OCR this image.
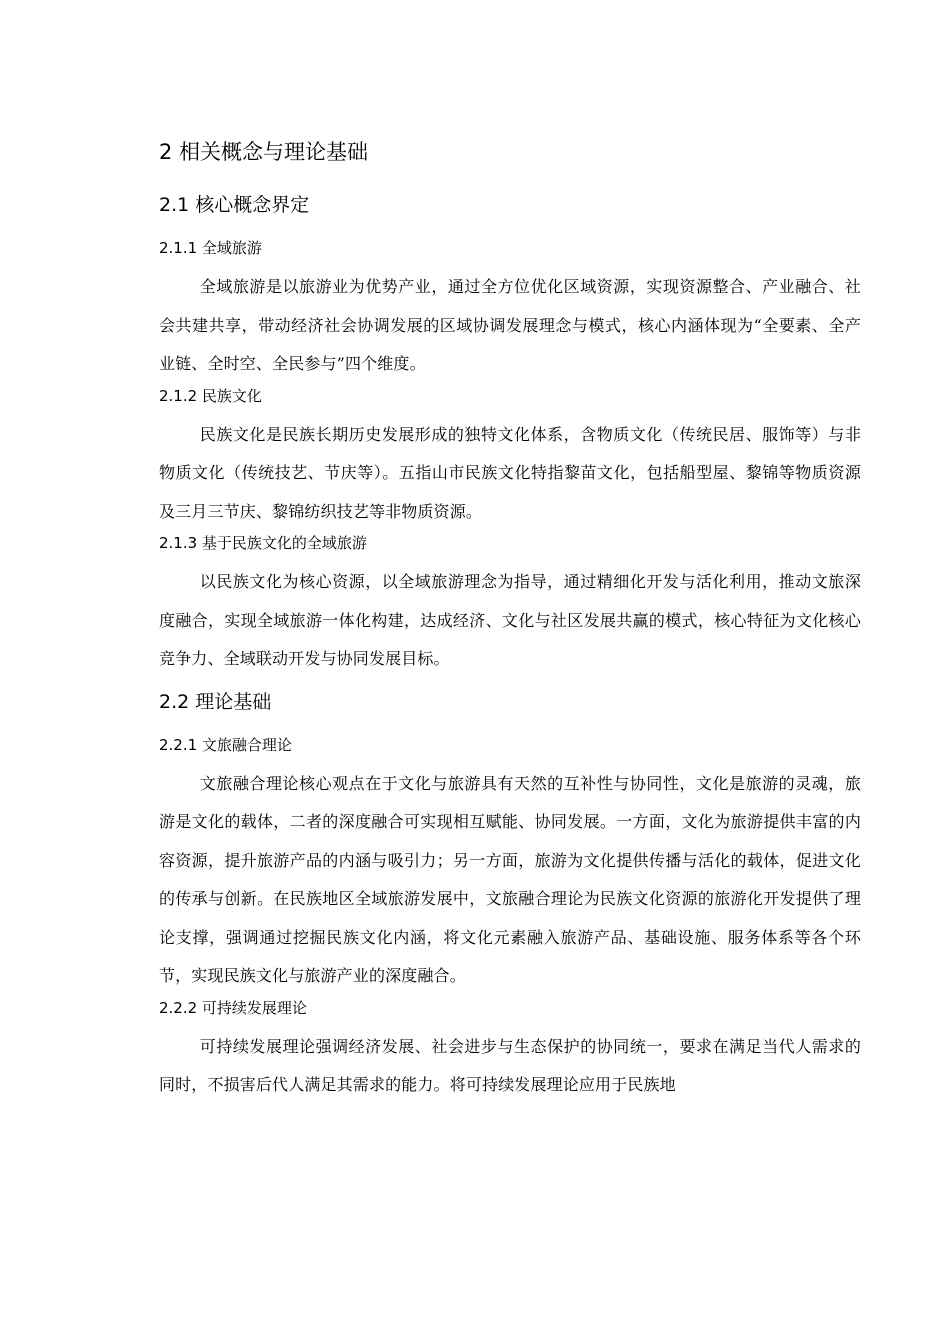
2 相关概念与理论基础
2.1 核心概念界定
2.1.1 全域旅游

全域旅游是以旅游业为优势产业，通过全方位优化区域资源，实现资源整合、产业融合、社会共建共享，带动经济社会协调发展的区域协调发展理念与模式，核心内涵体现为“全要素、全产业链、全时空、全民参与”四个维度。

2.1.2 民族文化

民族文化是民族长期历史发展形成的独特文化体系，含物质文化（传统民居、服饰等）与非物质文化（传统技艺、节庆等）。五指山市民族文化特指黎苗文化，包括船型屋、黎锦等物质资源及三月三节庆、黎锦纺织技艺等非物质资源。

2.1.3 基于民族文化的全域旅游

以民族文化为核心资源，以全域旅游理念为指导，通过精细化开发与活化利用，推动文旅深度融合，实现全域旅游一体化构建，达成经济、文化与社区发展共赢的模式，核心特征为文化核心竞争力、全域联动开发与协同发展目标。

2.2 理论基础
2.2.1 文旅融合理论

文旅融合理论核心观点在于文化与旅游具有天然的互补性与协同性，文化是旅游的灵魂，旅游是文化的载体，二者的深度融合可实现相互赋能、协同发展。一方面，文化为旅游提供丰富的内容资源，提升旅游产品的内涵与吸引力；另一方面，旅游为文化提供传播与活化的载体，促进文化的传承与创新。在民族地区全域旅游发展中，文旅融合理论为民族文化资源的旅游化开发提供了理论支撑，强调通过挖掘民族文化内涵，将文化元素融入旅游产品、基础设施、服务体系等各个环节，实现民族文化与旅游产业的深度融合。

2.2.2 可持续发展理论

可持续发展理论强调经济发展、社会进步与生态保护的协同统一，要求在满足当代人需求的同时，不损害后代人满足其需求的能力。将可持续发展理论应用于民族地
